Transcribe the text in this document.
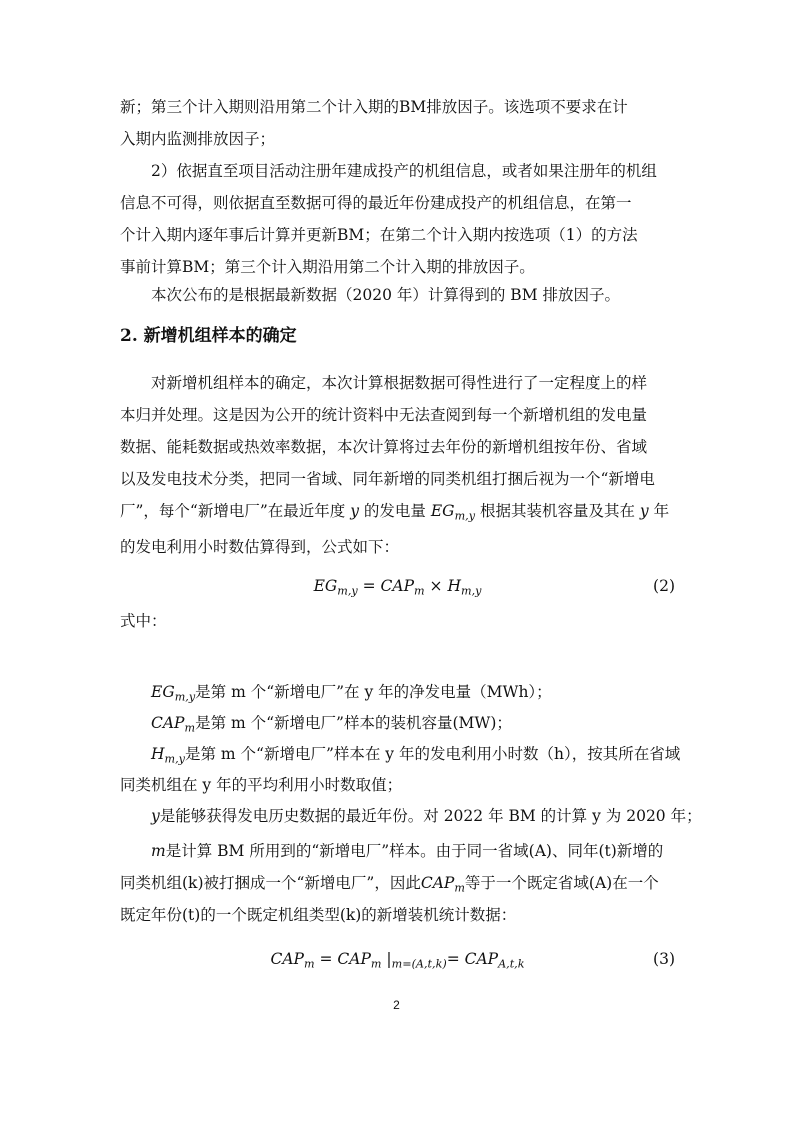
新；第三个计入期则沿用第二个计入期的BM排放因子。该选项不要求在计
入期内监测排放因子；
2）依据直至项目活动注册年建成投产的机组信息，或者如果注册年的机组
信息不可得，则依据直至数据可得的最近年份建成投产的机组信息，在第一
个计入期内逐年事后计算并更新BM；在第二个计入期内按选项（1）的方法
事前计算BM；第三个计入期沿用第二个计入期的排放因子。
本次公布的是根据最新数据（2020 年）计算得到的 BM 排放因子。
2. 新增机组样本的确定
对新增机组样本的确定，本次计算根据数据可得性进行了一定程度上的样
本归并处理。这是因为公开的统计资料中无法查阅到每一个新增机组的发电量
数据、能耗数据或热效率数据，本次计算将过去年份的新增机组按年份、省域
以及发电技术分类，把同一省域、同年新增的同类机组打捆后视为一个“新增电
厂”，每个“新增电厂”在最近年度 y 的发电量 $EG_{m,y}$ 根据其装机容量及其在 y 年
的发电利用小时数估算得到，公式如下：
$EG_{m,y} = CAP_m \times H_{m,y}$	(2)
式中：
$EG_{m,y}$是第 m 个“新增电厂”在 y 年的净发电量（MWh）；
$CAP_m$是第 m 个“新增电厂”样本的装机容量(MW)；
$H_{m,y}$是第 m 个“新增电厂”样本在 y 年的发电利用小时数（h），按其所在省域
同类机组在 y 年的平均利用小时数取值；
y是能够获得发电历史数据的最近年份。对 2022 年 BM 的计算 y 为 2020 年；
m是计算 BM 所用到的“新增电厂”样本。由于同一省域(A)、同年(t)新增的
同类机组(k)被打捆成一个“新增电厂”，因此$CAP_m$等于一个既定省域(A)在一个
既定年份(t)的一个既定机组类型(k)的新增装机统计数据：
$CAP_m = CAP_m$ $|_{m=(A,t,k)}= CAP_{A,t,k}$	(3)
2
